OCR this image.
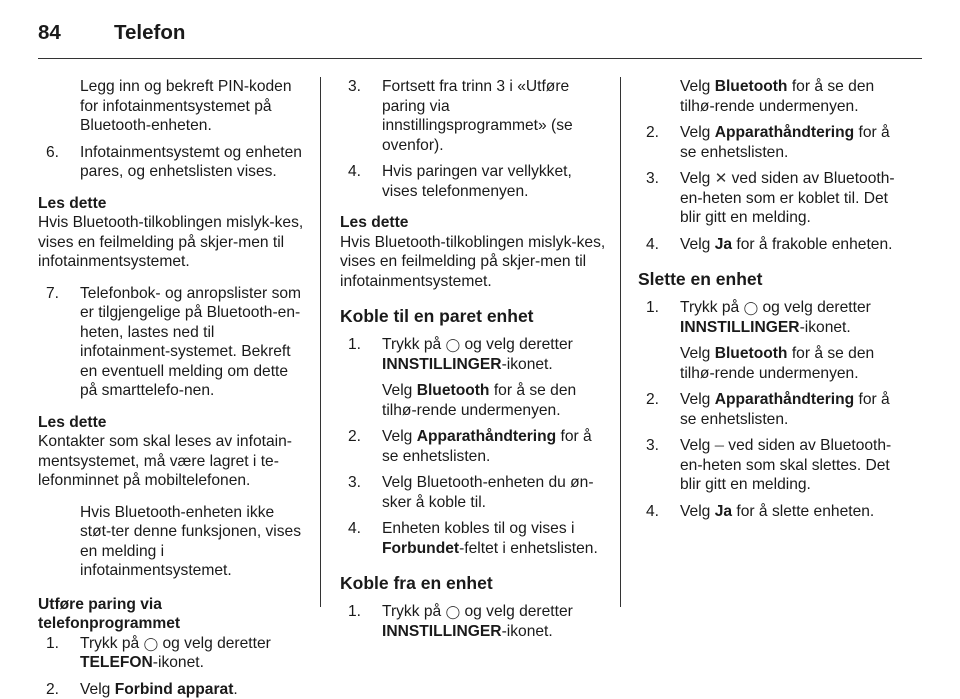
84	Telefon

Legg inn og bekreft PIN-koden for infotainmentsystemet på Bluetooth-enheten.

6. Infotainmentsystemt og enheten pares, og enhetslisten vises.

Les dette

Hvis Bluetooth-tilkoblingen mislyk-kes, vises en feilmelding på skjer-men til infotainmentsystemet.

7. Telefonbok- og anropslister som er tilgjengelige på Bluetooth-en-heten, lastes ned til infotainment-systemet. Bekreft en eventuell melding om dette på smarttelefo-nen.

Les dette

Kontakter som skal leses av infotain-mentsystemet, må være lagret i te-lefonminnet på mobiltelefonen.

Hvis Bluetooth-enheten ikke støt-ter denne funksjonen, vises en melding i infotainmentsystemet.

Utføre paring via telefonprogrammet

1. Trykk på ◯ og velg deretter TELEFON-ikonet.
2. Velg Forbind apparat.
3. Fortsett fra trinn 3 i «Utføre paring via innstillingsprogrammet» (se ovenfor).
4. Hvis paringen var vellykket, vises telefonmenyen.

Les dette

Hvis Bluetooth-tilkoblingen mislyk-kes, vises en feilmelding på skjer-men til infotainmentsystemet.

Koble til en paret enhet

1. Trykk på ◯ og velg deretter INNSTILLINGER-ikonet.

Velg Bluetooth for å se den tilhø-rende undermenyen.

2. Velg Apparathåndtering for å se enhetslisten.
3. Velg Bluetooth-enheten du øn-sker å koble til.
4. Enheten kobles til og vises i Forbundet-feltet i enhetslisten.

Koble fra en enhet

1. Trykk på ◯ og velg deretter INNSTILLINGER-ikonet.

Velg Bluetooth for å se den tilhø-rende undermenyen.

2. Velg Apparathåndtering for å se enhetslisten.
3. Velg ✕ ved siden av Bluetooth-en-heten som er koblet til. Det blir gitt en melding.
4. Velg Ja for å frakoble enheten.

Slette en enhet

1. Trykk på ◯ og velg deretter INNSTILLINGER-ikonet.

Velg Bluetooth for å se den tilhø-rende undermenyen.

2. Velg Apparathåndtering for å se enhetslisten.
3. Velg ─ ved siden av Bluetooth-en-heten som skal slettes. Det blir gitt en melding.
4. Velg Ja for å slette enheten.
